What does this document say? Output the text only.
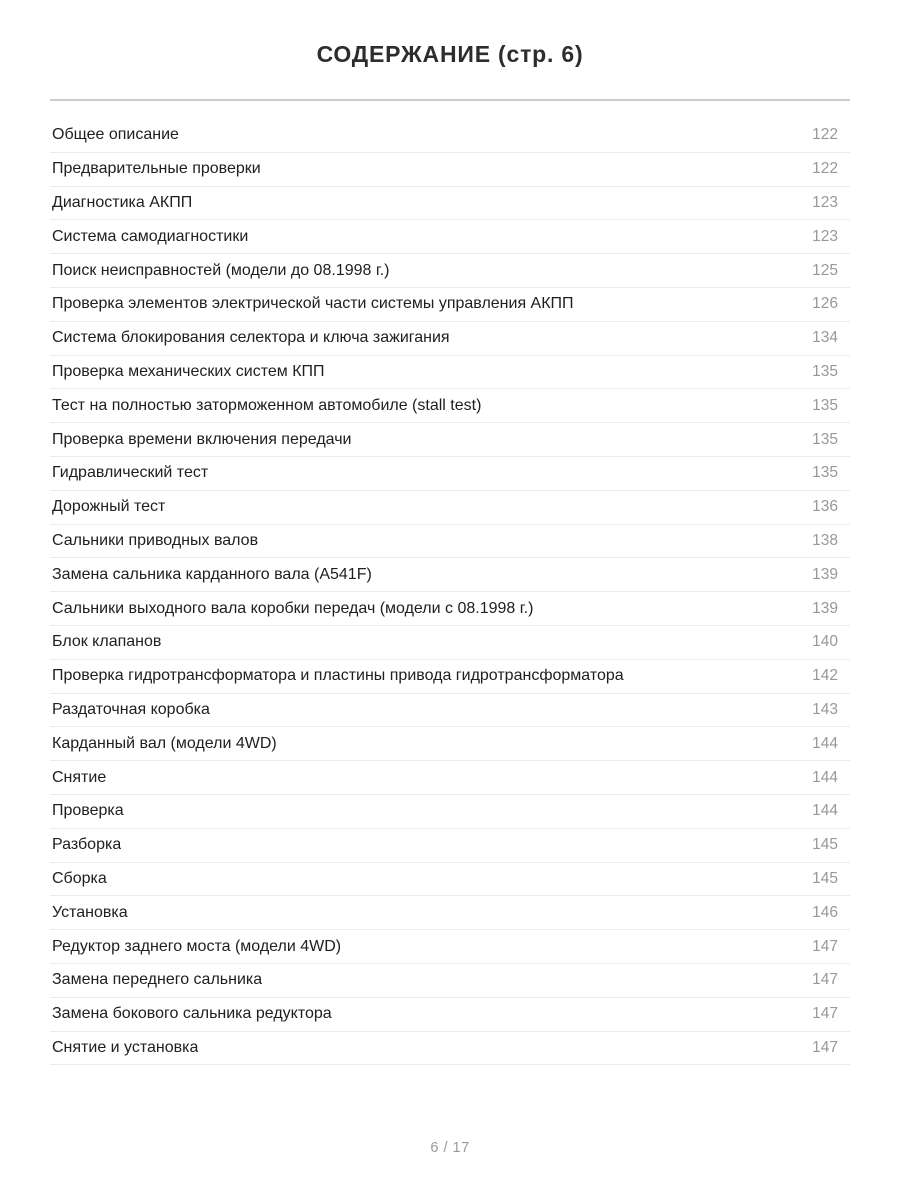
СОДЕРЖАНИЕ (стр. 6)
Общее описание	122
Предварительные проверки	122
Диагностика АКПП	123
Система самодиагностики	123
Поиск неисправностей (модели до 08.1998 г.)	125
Проверка элементов электрической части системы управления АКПП	126
Система блокирования селектора и ключа зажигания	134
Проверка механических систем КПП	135
Тест на полностью заторможенном автомобиле (stall test)	135
Проверка времени включения передачи	135
Гидравлический тест	135
Дорожный тест	136
Сальники приводных валов	138
Замена сальника карданного вала (A541F)	139
Сальники выходного вала коробки передач (модели с 08.1998 г.)	139
Блок клапанов	140
Проверка гидротрансформатора и пластины привода гидротрансформатора	142
Раздаточная коробка	143
Карданный вал (модели 4WD)	144
Снятие	144
Проверка	144
Разборка	145
Сборка	145
Установка	146
Редуктор заднего моста (модели 4WD)	147
Замена переднего сальника	147
Замена бокового сальника редуктора	147
Снятие и установка	147
6 / 17
